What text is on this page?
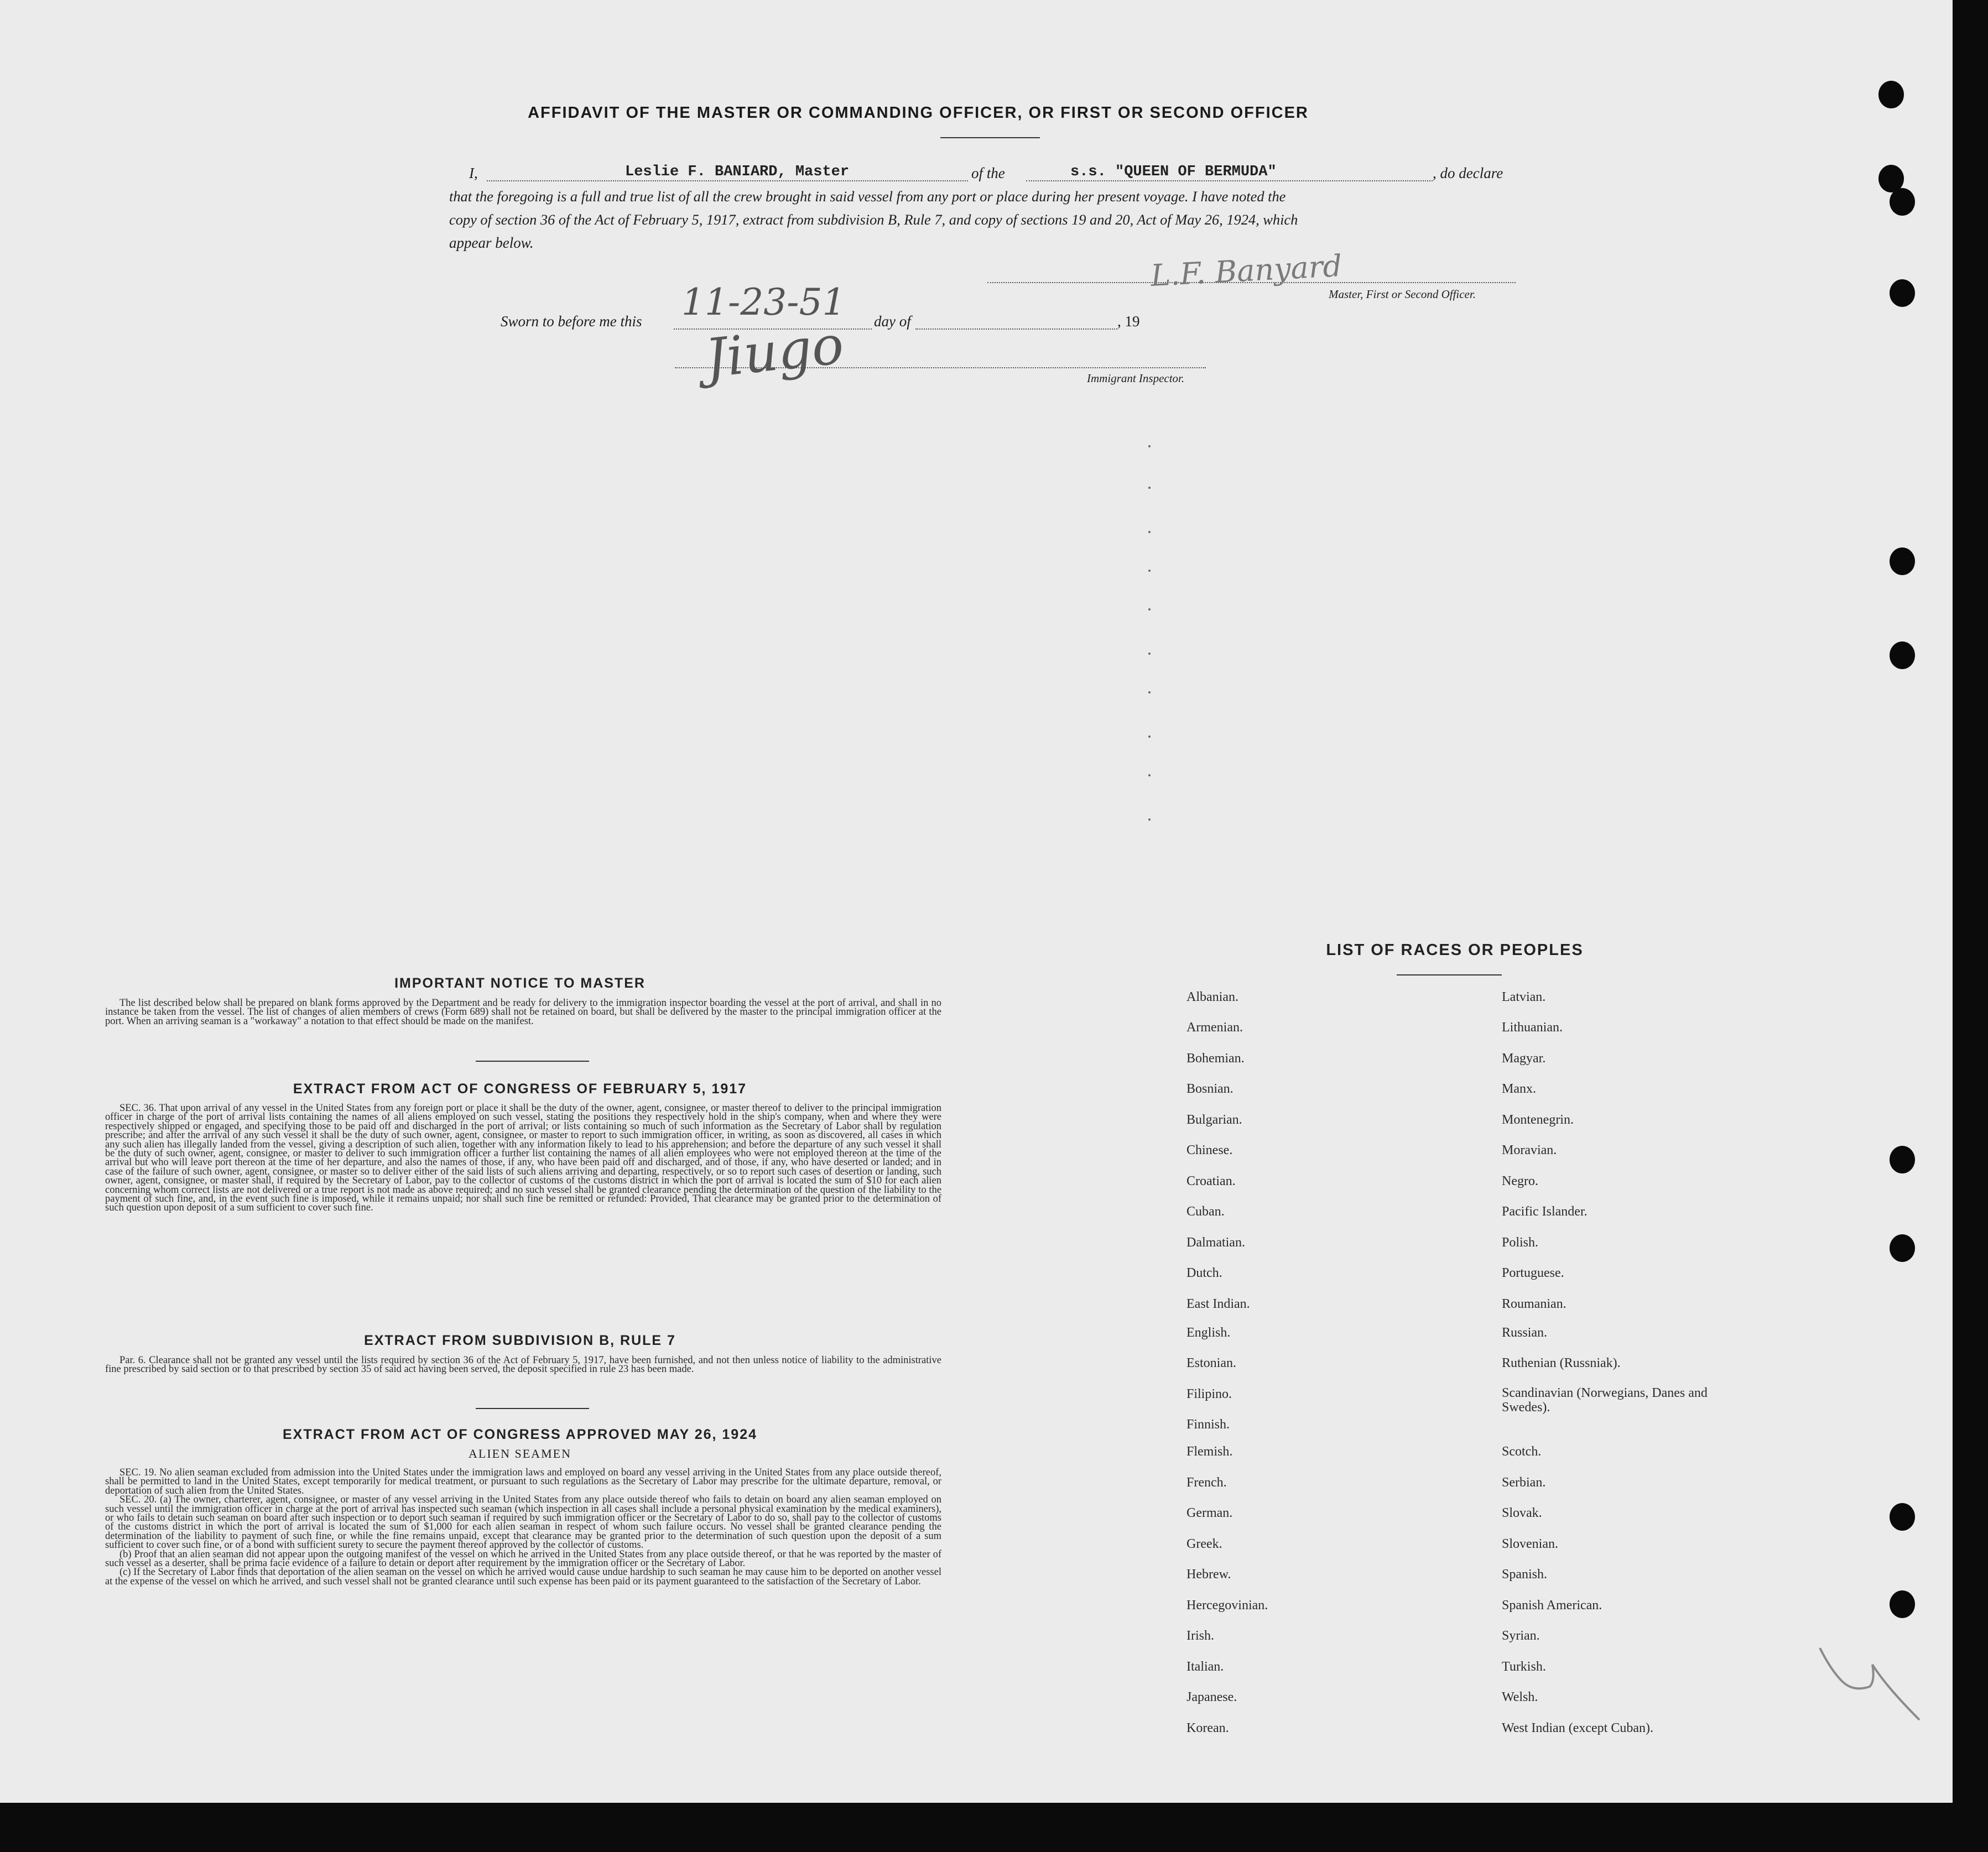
AFFIDAVIT OF THE MASTER OR COMMANDING OFFICER, OR FIRST OR SECOND OFFICER
I,	Leslie F. BANIARD, Master	of the	s.s. "QUEEN OF BERMUDA"	, do declare
that the foregoing is a full and true list of all the crew brought in said vessel from any port or place during her present voyage. I have noted the
copy of section 36 of the Act of February 5, 1917, extract from subdivision B, Rule 7, and copy of sections 19 and 20, Act of May 26, 1924, which
appear below.
L.F. Banyard
Master, First or Second Officer.
Sworn to before me this 11-23-51 day of	, 19
Jiugo	Immigrant Inspector.
IMPORTANT NOTICE TO MASTER

The list described below shall be prepared on blank forms approved by the Department and be ready for delivery to the immigration inspector boarding the vessel at the port of arrival, and shall in no instance be taken from the vessel. The list of changes of alien members of crews (Form 689) shall not be retained on board, but shall be delivered by the master to the principal immigration officer at the port. When an arriving seaman is a "workaway" a notation to that effect should be made on the manifest.

EXTRACT FROM ACT OF CONGRESS OF FEBRUARY 5, 1917

SEC. 36. That upon arrival of any vessel in the United States from any foreign port or place it shall be the duty of the owner, agent, consignee, or master thereof to deliver to the principal immigration officer in charge of the port of arrival lists containing the names of all aliens employed on such vessel, stating the positions they respectively hold in the ship's company, when and where they were respectively shipped or engaged, and specifying those to be paid off and discharged in the port of arrival; or lists containing so much of such information as the Secretary of Labor shall by regulation prescribe; and after the arrival of any such vessel it shall be the duty of such owner, agent, consignee, or master to report to such immigration officer, in writing, as soon as discovered, all cases in which any such alien has illegally landed from the vessel, giving a description of such alien, together with any information likely to lead to his apprehension; and before the departure of any such vessel it shall be the duty of such owner, agent, consignee, or master to deliver to such immigration officer a further list containing the names of all alien employees who were not employed thereon at the time of the arrival but who will leave port thereon at the time of her departure, and also the names of those, if any, who have been paid off and discharged, and of those, if any, who have deserted or landed; and in case of the failure of such owner, agent, consignee, or master so to deliver either of the said lists of such aliens arriving and departing, respectively, or so to report such cases of desertion or landing, such owner, agent, consignee, or master shall, if required by the Secretary of Labor, pay to the collector of customs of the customs district in which the port of arrival is located the sum of $10 for each alien concerning whom correct lists are not delivered or a true report is not made as above required; and no such vessel shall be granted clearance pending the determination of the question of the liability to the payment of such fine, and, in the event such fine is imposed, while it remains unpaid; nor shall such fine be remitted or refunded: Provided, That clearance may be granted prior to the determination of such question upon deposit of a sum sufficient to cover such fine.

EXTRACT FROM SUBDIVISION B, RULE 7

Par. 6. Clearance shall not be granted any vessel until the lists required by section 36 of the Act of February 5, 1917, have been furnished, and not then unless notice of liability to the administrative fine prescribed by said section or to that prescribed by section 35 of said act having been served, the deposit specified in rule 23 has been made.

EXTRACT FROM ACT OF CONGRESS APPROVED MAY 26, 1924
ALIEN SEAMEN

SEC. 19. No alien seaman excluded from admission into the United States under the immigration laws and employed on board any vessel arriving in the United States from any place outside thereof, shall be permitted to land in the United States, except temporarily for medical treatment, or pursuant to such regulations as the Secretary of Labor may prescribe for the ultimate departure, removal, or deportation of such alien from the United States.

SEC. 20. (a) The owner, charterer, agent, consignee, or master of any vessel arriving in the United States from any place outside thereof who fails to detain on board any alien seaman employed on such vessel until the immigration officer in charge at the port of arrival has inspected such seaman (which inspection in all cases shall include a personal physical examination by the medical examiners), or who fails to detain such seaman on board after such inspection or to deport such seaman if required by such immigration officer or the Secretary of Labor to do so, shall pay to the collector of customs of the customs district in which the port of arrival is located the sum of $1,000 for each alien seaman in respect of whom such failure occurs. No vessel shall be granted clearance pending the determination of the liability to payment of such fine, or while the fine remains unpaid, except that clearance may be granted prior to the determination of such question upon the deposit of a sum sufficient to cover such fine, or of a bond with sufficient surety to secure the payment thereof approved by the collector of customs.

(b) Proof that an alien seaman did not appear upon the outgoing manifest of the vessel on which he arrived in the United States from any place outside thereof, or that he was reported by the master of such vessel as a deserter, shall be prima facie evidence of a failure to detain or deport after requirement by the immigration officer or the Secretary of Labor.

(c) If the Secretary of Labor finds that deportation of the alien seaman on the vessel on which he arrived would cause undue hardship to such seaman he may cause him to be deported on another vessel at the expense of the vessel on which he arrived, and such vessel shall not be granted clearance until such expense has been paid or its payment guaranteed to the satisfaction of the Secretary of Labor.

LIST OF RACES OR PEOPLES
Albanian.
Armenian.
Bohemian.
Bosnian.
Bulgarian.
Chinese.
Croatian.
Cuban.
Dalmatian.
Dutch.
East Indian.
English.
Estonian.
Filipino.
Finnish.
Flemish.
French.
German.
Greek.
Hebrew.
Hercegovinian.
Irish.
Italian.
Japanese.
Korean.
Latvian.
Lithuanian.
Magyar.
Manx.
Montenegrin.
Moravian.
Negro.
Pacific Islander.
Polish.
Portuguese.
Roumanian.
Russian.
Ruthenian (Russniak).
Scandinavian (Norwegians, Danes and Swedes).
Scotch.
Serbian.
Slovak.
Slovenian.
Spanish.
Spanish American.
Syrian.
Turkish.
Welsh.
West Indian (except Cuban).
